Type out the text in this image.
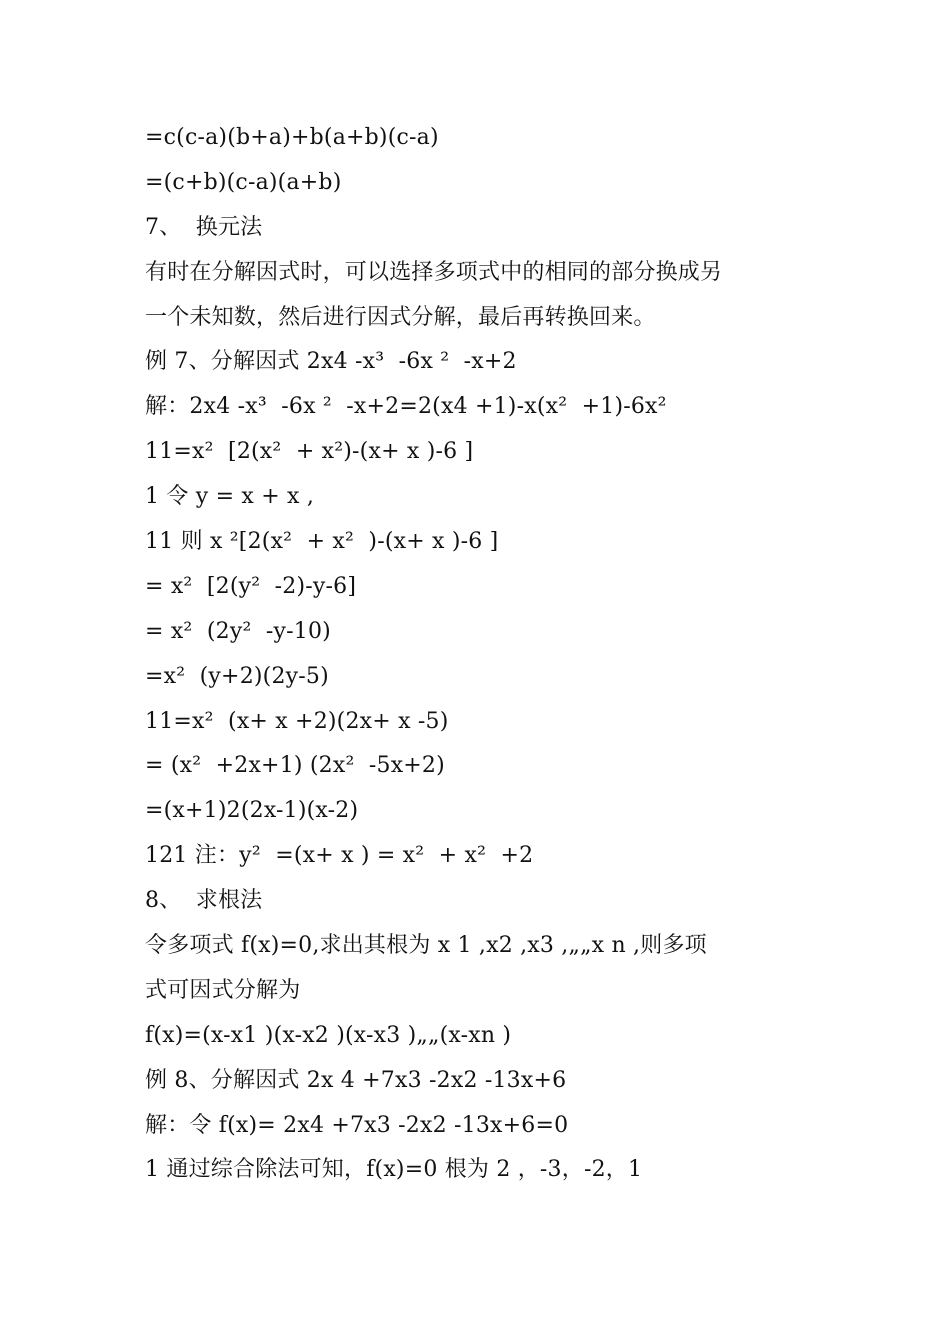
=c(c-a)(b+a)+b(a+b)(c-a)
=(c+b)(c-a)(a+b)
7、  换元法
有时在分解因式时，可以选择多项式中的相同的部分换成另
一个未知数，然后进行因式分解，最后再转换回来。
例 7、分解因式 2x4 -x³  -6x ²  -x+2
解：2x4 -x³  -6x ²  -x+2=2(x4 +1)-x(x²  +1)-6x²
11=x²  [2(x²  + x²)-(x+ x )-6 ]
1 令 y = x + x ,
11 则 x ²[2(x²  + x²  )-(x+ x )-6 ]
= x²  [2(y²  -2)-y-6]
= x²  (2y²  -y-10)
=x²  (y+2)(2y-5)
11=x²  (x+ x +2)(2x+ x -5)
= (x²  +2x+1) (2x²  -5x+2)
=(x+1)2(2x-1)(x-2)
121 注：y²  =(x+ x ) = x²  + x²  +2
8、  求根法
令多项式 f(x)=0,求出其根为 x 1 ,x2 ,x3 ,„„x n ,则多项
式可因式分解为
f(x)=(x-x1 )(x-x2 )(x-x3 )„„(x-xn )
例 8、分解因式 2x 4 +7x3 -2x2 -13x+6
解：令 f(x)= 2x4 +7x3 -2x2 -13x+6=0
1 通过综合除法可知，f(x)=0 根为 2 ，-3，-2，1
